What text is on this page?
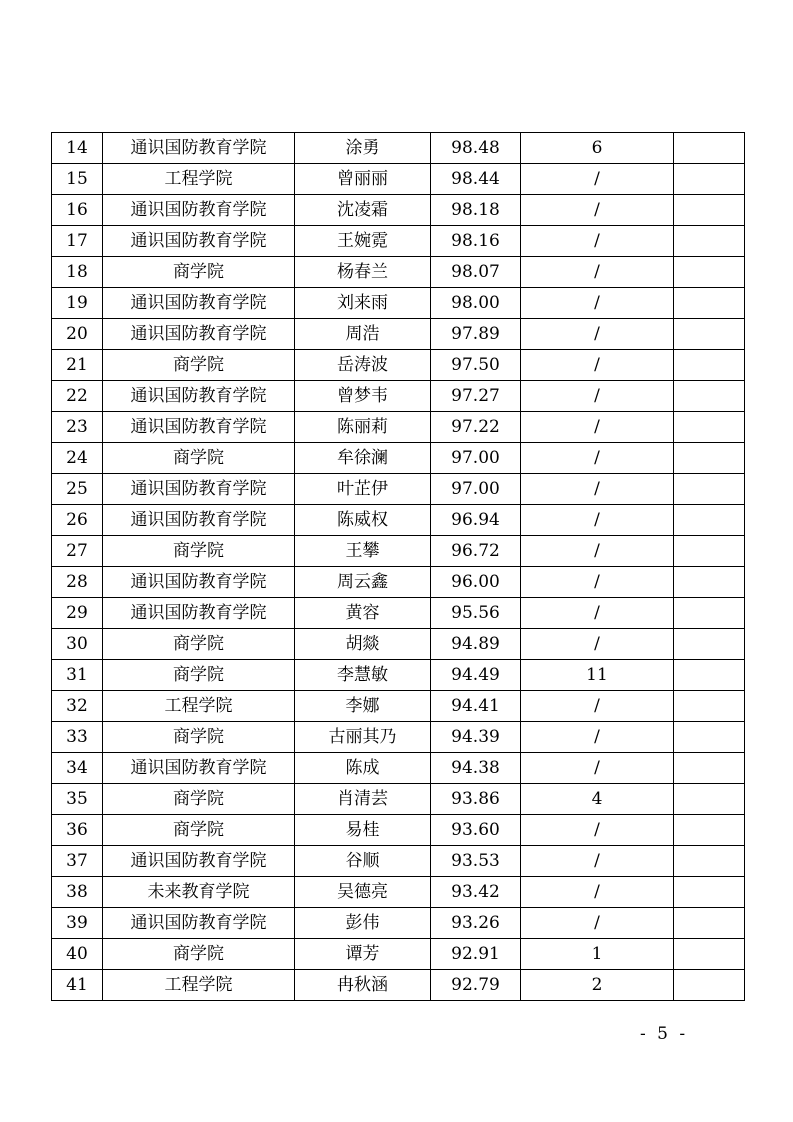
14	通识国防教育学院	涂勇	98.48	6	
15	工程学院	曾丽丽	98.44	/	
16	通识国防教育学院	沈凌霜	98.18	/	
17	通识国防教育学院	王婉霓	98.16	/	
18	商学院	杨春兰	98.07	/	
19	通识国防教育学院	刘来雨	98.00	/	
20	通识国防教育学院	周浩	97.89	/	
21	商学院	岳涛波	97.50	/	
22	通识国防教育学院	曾梦韦	97.27	/	
23	通识国防教育学院	陈丽莉	97.22	/	
24	商学院	牟徐澜	97.00	/	
25	通识国防教育学院	叶芷伊	97.00	/	
26	通识国防教育学院	陈威权	96.94	/	
27	商学院	王攀	96.72	/	
28	通识国防教育学院	周云鑫	96.00	/	
29	通识国防教育学院	黄容	95.56	/	
30	商学院	胡燚	94.89	/	
31	商学院	李慧敏	94.49	11	
32	工程学院	李娜	94.41	/	
33	商学院	古丽其乃	94.39	/	
34	通识国防教育学院	陈成	94.38	/	
35	商学院	肖清芸	93.86	4	
36	商学院	易桂	93.60	/	
37	通识国防教育学院	谷顺	93.53	/	
38	未来教育学院	吴德亮	93.42	/	
39	通识国防教育学院	彭伟	93.26	/	
40	商学院	谭芳	92.91	1	
41	工程学院	冉秋涵	92.79	2	
- 5 -
